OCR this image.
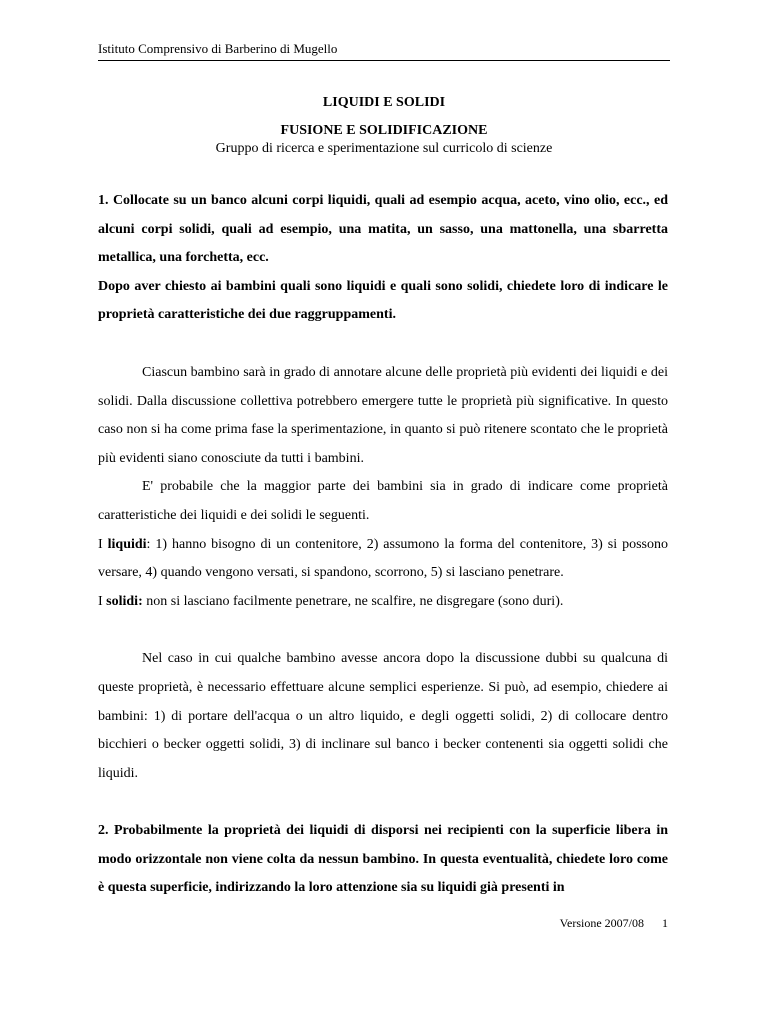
Istituto Comprensivo di Barberino di Mugello
LIQUIDI E SOLIDI
FUSIONE E SOLIDIFICAZIONE
Gruppo di ricerca e sperimentazione sul curricolo di scienze

1. Collocate su un banco alcuni corpi liquidi, quali ad esempio acqua, aceto, vino olio, ecc., ed alcuni corpi solidi, quali ad esempio, una matita, un sasso, una mattonella, una sbarretta metallica, una forchetta, ecc.

Dopo aver chiesto ai bambini quali sono liquidi e quali sono solidi, chiedete loro di indicare le proprietà caratteristiche dei due raggruppamenti.

Ciascun bambino sarà in grado di annotare alcune delle proprietà più evidenti dei liquidi e dei solidi. Dalla discussione collettiva potrebbero emergere tutte le proprietà più significative. In questo caso non si ha come prima fase la sperimentazione, in quanto si può ritenere scontato che le proprietà più evidenti siano conosciute da tutti i bambini.

E' probabile che la maggior parte dei bambini sia in grado di indicare come proprietà caratteristiche dei liquidi e dei solidi le seguenti.

I liquidi: 1) hanno bisogno di un contenitore, 2) assumono la forma del contenitore, 3) si possono versare, 4) quando vengono versati, si spandono, scorrono, 5) si lasciano penetrare.

I solidi: non si lasciano facilmente penetrare, ne scalfire, ne disgregare (sono duri).

Nel caso in cui qualche bambino avesse ancora dopo la discussione dubbi su qualcuna di queste proprietà, è necessario effettuare alcune semplici esperienze. Si può, ad esempio, chiedere ai bambini: 1) di portare dell'acqua o un altro liquido, e degli oggetti solidi, 2) di collocare dentro bicchieri o becker oggetti solidi, 3) di inclinare sul banco i becker contenenti sia oggetti solidi che liquidi.

2. Probabilmente la proprietà dei liquidi di disporsi nei recipienti con la superficie libera in modo orizzontale non viene colta da nessun bambino. In questa eventualità, chiedete loro come è questa superficie, indirizzando la loro attenzione sia su liquidi già presenti in

Versione 2007/08 1
